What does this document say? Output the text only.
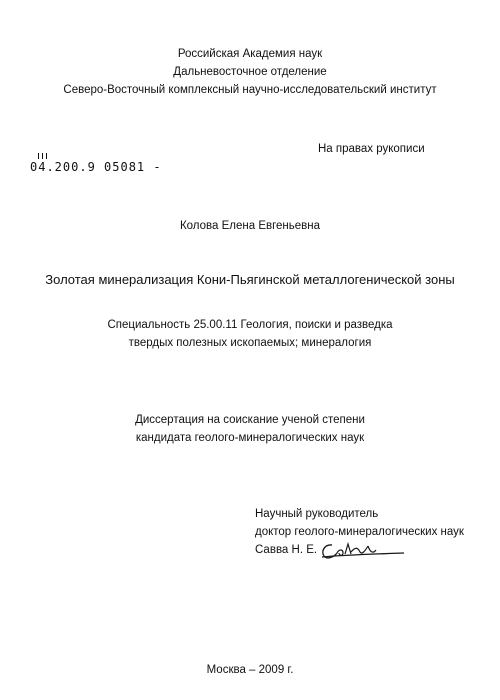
Российская Академия наук
Дальневосточное отделение
Северо-Восточный комплексный научно-исследовательский институт
На правах рукописи
04.200.9 05081 -
Колова Елена Евгеньевна
Золотая минерализация Кони-Пьягинской металлогенической зоны
Специальность 25.00.11 Геология, поиски и разведка
твердых полезных ископаемых; минералогия
Диссертация на соискание ученой степени
кандидата геолого-минералогических наук
Научный руководитель
доктор геолого-минералогических наук
Савва Н. Е.
Москва – 2009 г.
